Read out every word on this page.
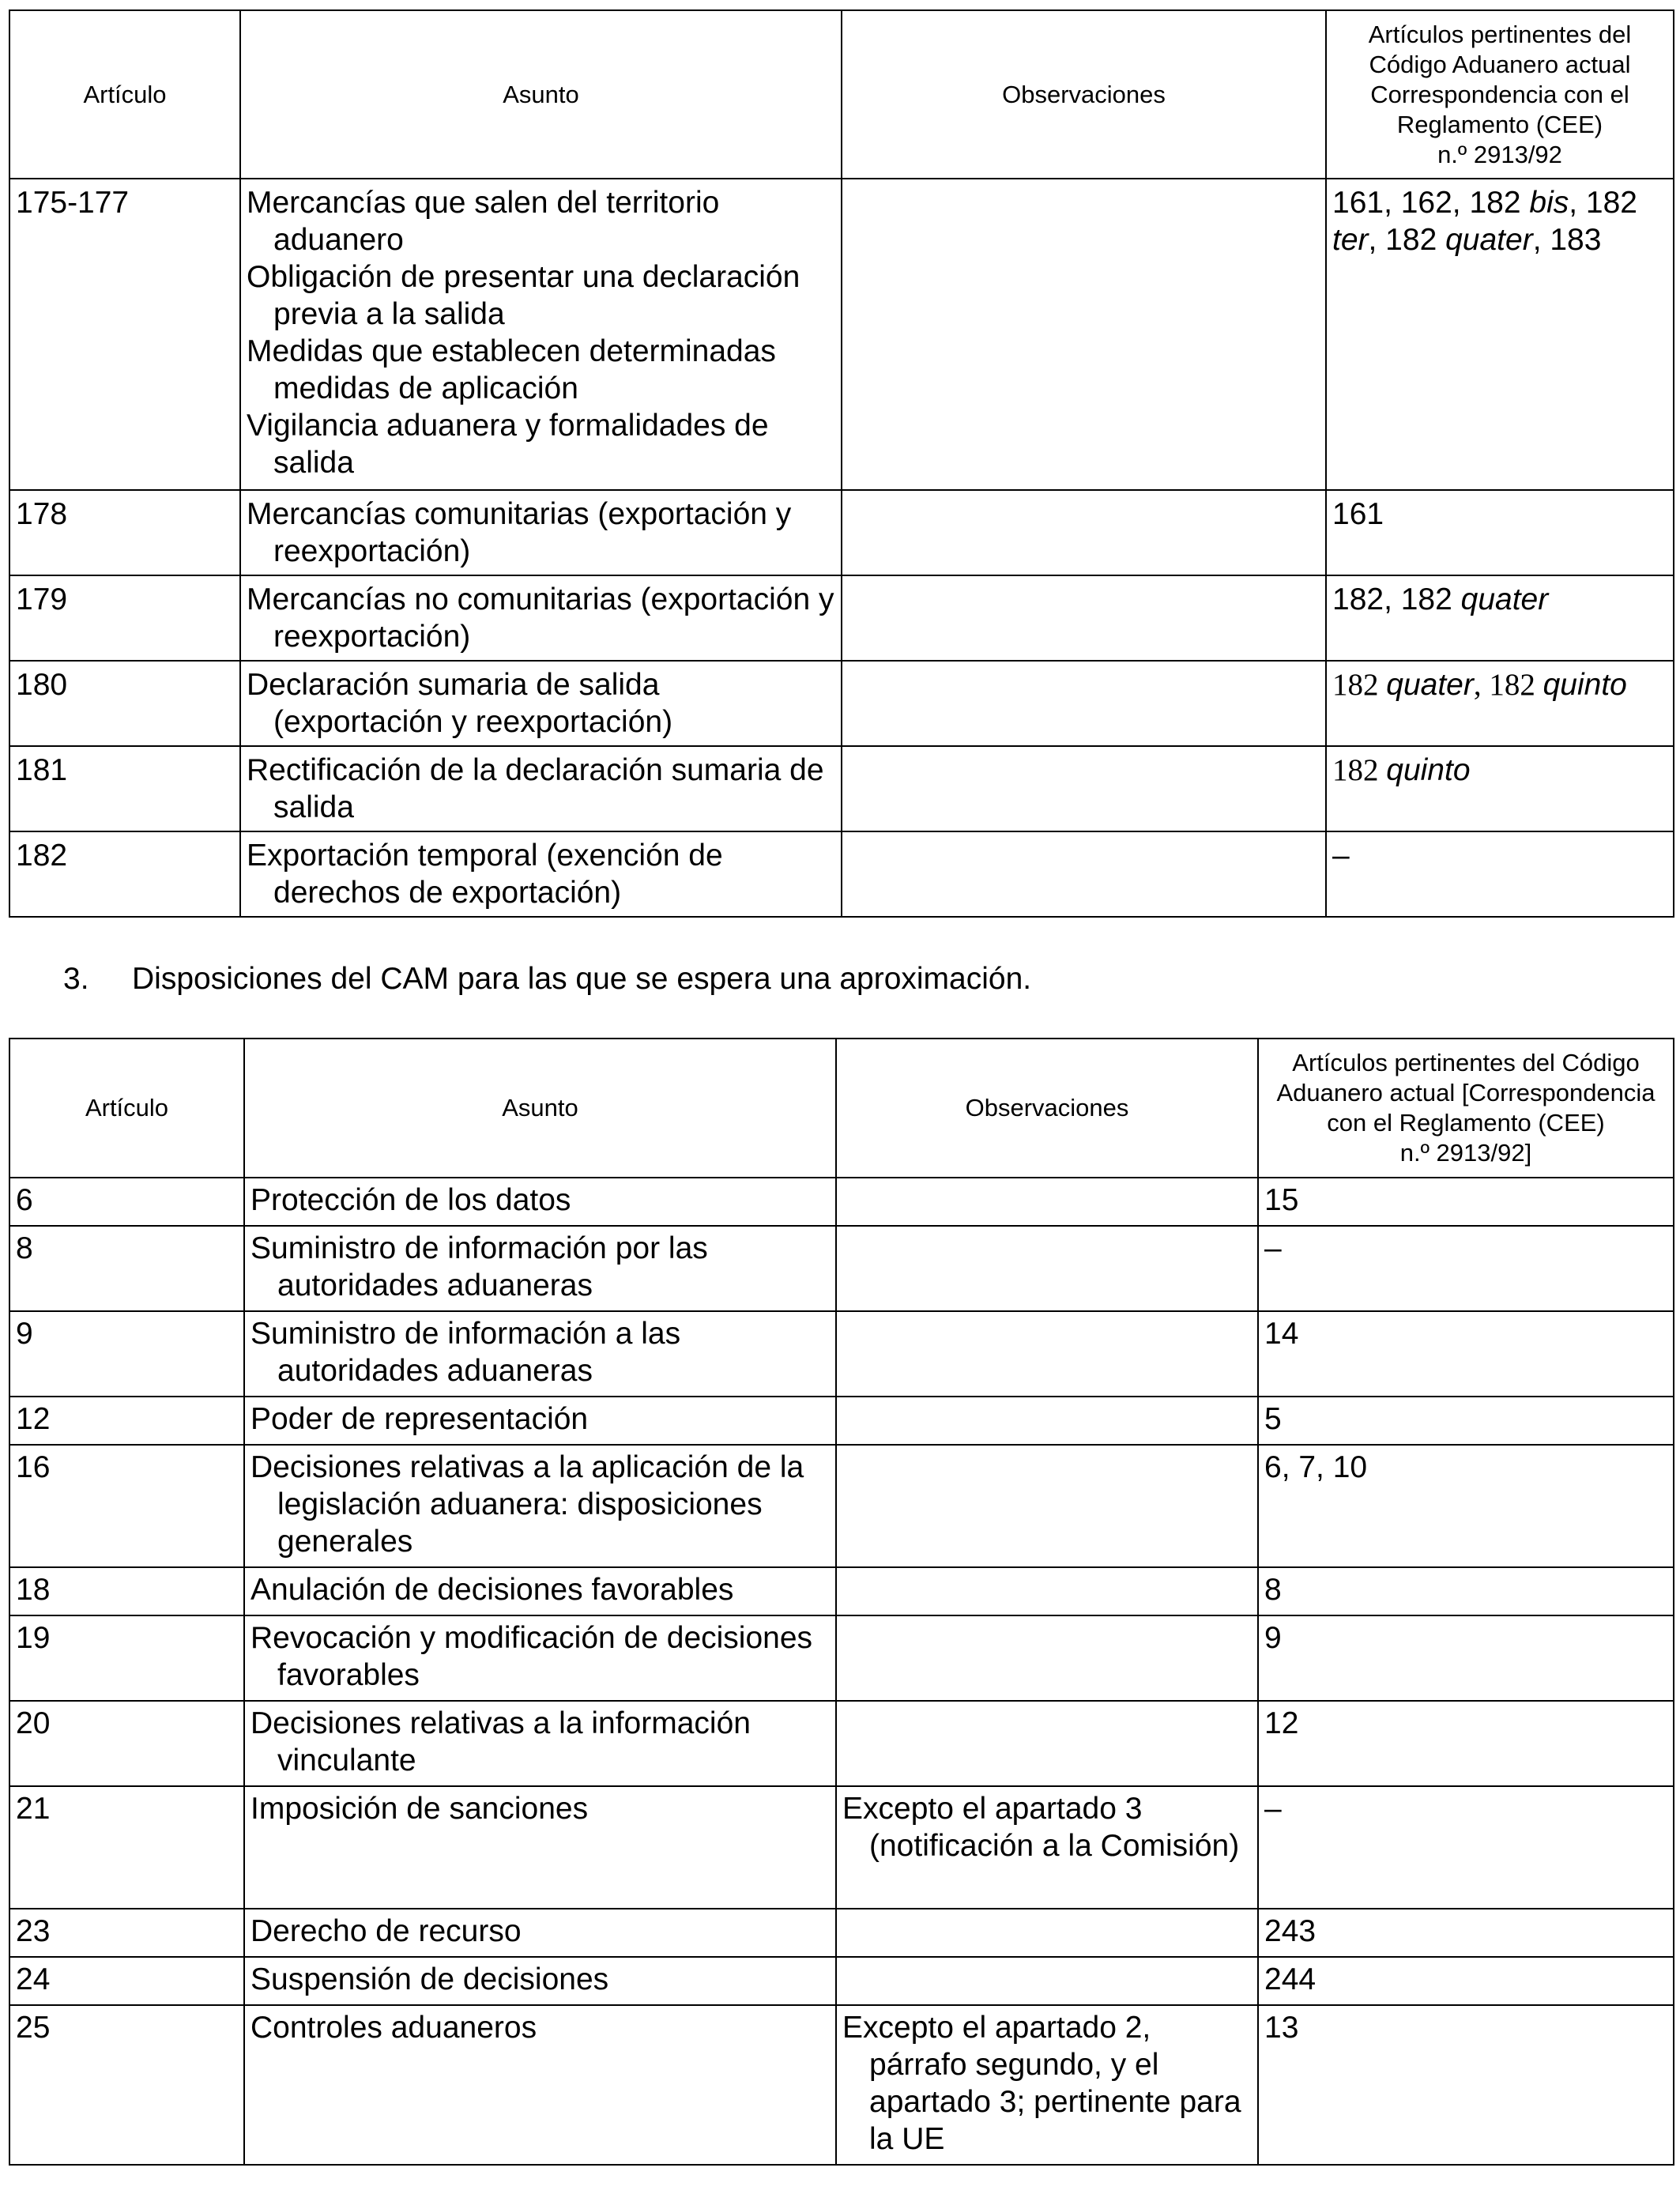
Artículo	Asunto	Observaciones	Artículos pertinentes del
Código Aduanero actual
Correspondencia con el
Reglamento (CEE)
n.º 2913/92
175-177	Mercancías que salen del territorio aduanero
Obligación de presentar una declaración previa a la salida
Medidas que establecen determinadas medidas de aplicación
Vigilancia aduanera y formalidades de salida		161, 162, 182 bis, 182 ter, 182 quater, 183
178	Mercancías comunitarias (exportación y reexportación)		161
179	Mercancías no comunitarias (exportación y reexportación)		182, 182 quater
180	Declaración sumaria de salida (exportación y reexportación)		182 quater, 182 quinto
181	Rectificación de la declaración sumaria de salida		182 quinto
182	Exportación temporal (exención de derechos de exportación)		–
3. Disposiciones del CAM para las que se espera una aproximación.
Artículo	Asunto	Observaciones	Artículos pertinentes del Código
Aduanero actual [Correspondencia
con el Reglamento (CEE)
n.º 2913/92]
6	Protección de los datos		15
8	Suministro de información por las autoridades aduaneras		–
9	Suministro de información a las autoridades aduaneras		14
12	Poder de representación		5
16	Decisiones relativas a la aplicación de la legislación aduanera: disposiciones generales		6, 7, 10
18	Anulación de decisiones favorables		8
19	Revocación y modificación de decisiones favorables		9
20	Decisiones relativas a la información vinculante		12
21	Imposición de sanciones	Excepto el apartado 3 (notificación a la Comisión)	–
23	Derecho de recurso		243
24	Suspensión de decisiones		244
25	Controles aduaneros	Excepto el apartado 2, párrafo segundo, y el apartado 3; pertinente para la UE	13
